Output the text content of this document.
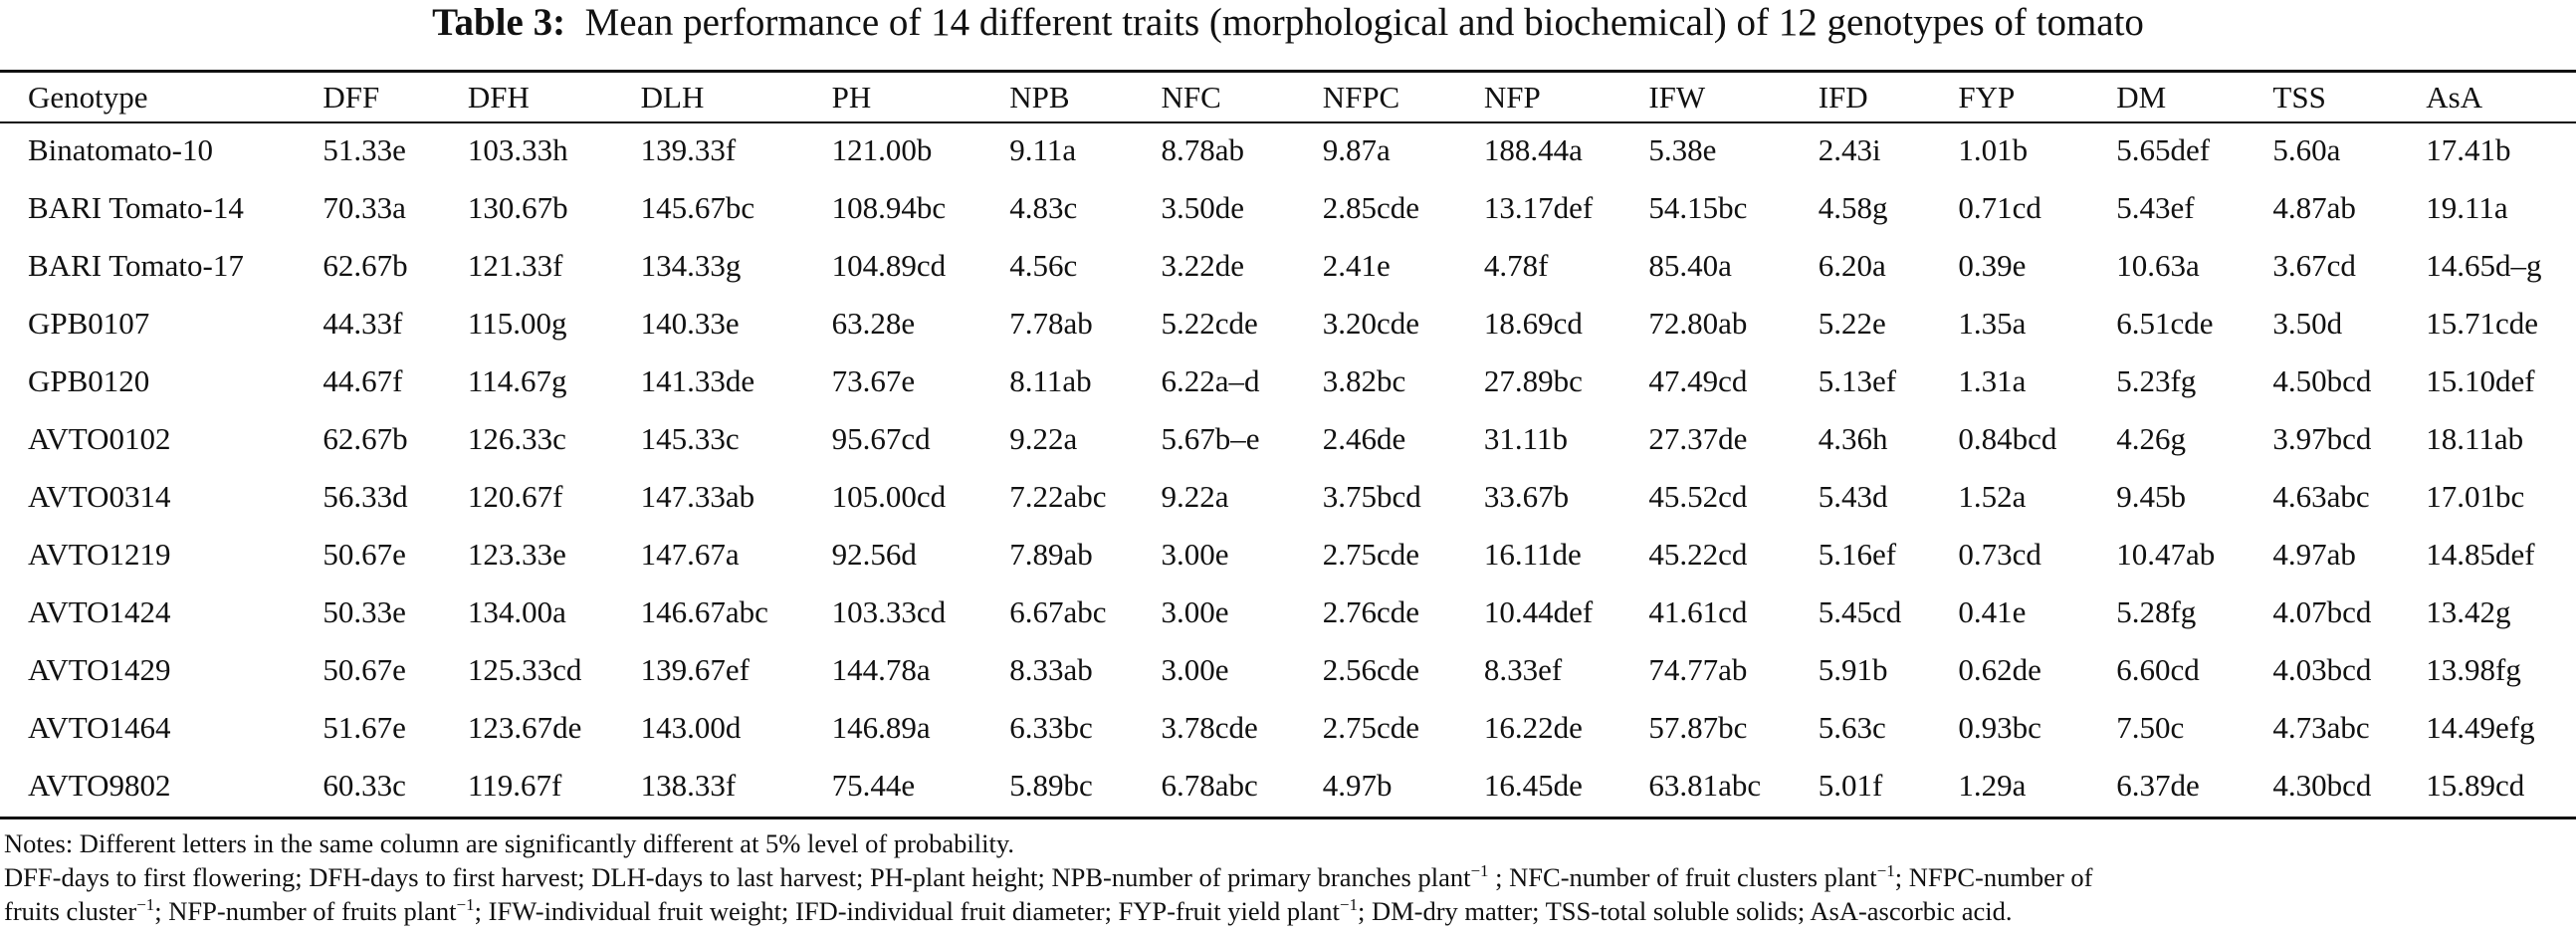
Table 3: Mean performance of 14 different traits (morphological and biochemical) of 12 genotypes of tomato
Genotype	DFF	DFH	DLH	PH	NPB	NFC	NFPC	NFP	IFW	IFD	FYP	DM	TSS	AsA
Binatomato-10	51.33e	103.33h	139.33f	121.00b	9.11a	8.78ab	9.87a	188.44a	5.38e	2.43i	1.01b	5.65def	5.60a	17.41b
BARI Tomato-14	70.33a	130.67b	145.67bc	108.94bc	4.83c	3.50de	2.85cde	13.17def	54.15bc	4.58g	0.71cd	5.43ef	4.87ab	19.11a
BARI Tomato-17	62.67b	121.33f	134.33g	104.89cd	4.56c	3.22de	2.41e	4.78f	85.40a	6.20a	0.39e	10.63a	3.67cd	14.65d–g
GPB0107	44.33f	115.00g	140.33e	63.28e	7.78ab	5.22cde	3.20cde	18.69cd	72.80ab	5.22e	1.35a	6.51cde	3.50d	15.71cde
GPB0120	44.67f	114.67g	141.33de	73.67e	8.11ab	6.22a–d	3.82bc	27.89bc	47.49cd	5.13ef	1.31a	5.23fg	4.50bcd	15.10def
AVTO0102	62.67b	126.33c	145.33c	95.67cd	9.22a	5.67b–e	2.46de	31.11b	27.37de	4.36h	0.84bcd	4.26g	3.97bcd	18.11ab
AVTO0314	56.33d	120.67f	147.33ab	105.00cd	7.22abc	9.22a	3.75bcd	33.67b	45.52cd	5.43d	1.52a	9.45b	4.63abc	17.01bc
AVTO1219	50.67e	123.33e	147.67a	92.56d	7.89ab	3.00e	2.75cde	16.11de	45.22cd	5.16ef	0.73cd	10.47ab	4.97ab	14.85def
AVTO1424	50.33e	134.00a	146.67abc	103.33cd	6.67abc	3.00e	2.76cde	10.44def	41.61cd	5.45cd	0.41e	5.28fg	4.07bcd	13.42g
AVTO1429	50.67e	125.33cd	139.67ef	144.78a	8.33ab	3.00e	2.56cde	8.33ef	74.77ab	5.91b	0.62de	6.60cd	4.03bcd	13.98fg
AVTO1464	51.67e	123.67de	143.00d	146.89a	6.33bc	3.78cde	2.75cde	16.22de	57.87bc	5.63c	0.93bc	7.50c	4.73abc	14.49efg
AVTO9802	60.33c	119.67f	138.33f	75.44e	5.89bc	6.78abc	4.97b	16.45de	63.81abc	5.01f	1.29a	6.37de	4.30bcd	15.89cd
Notes: Different letters in the same column are significantly different at 5% level of probability.
DFF-days to first flowering; DFH-days to first harvest; DLH-days to last harvest; PH-plant height; NPB-number of primary branches plant$^{-1}$ ; NFC-number of fruit clusters plant$^{-1}$; NFPC-number of
fruits cluster$^{-1}$; NFP-number of fruits plant$^{-1}$; IFW-individual fruit weight; IFD-individual fruit diameter; FYP-fruit yield plant$^{-1}$; DM-dry matter; TSS-total soluble solids; AsA-ascorbic acid.
